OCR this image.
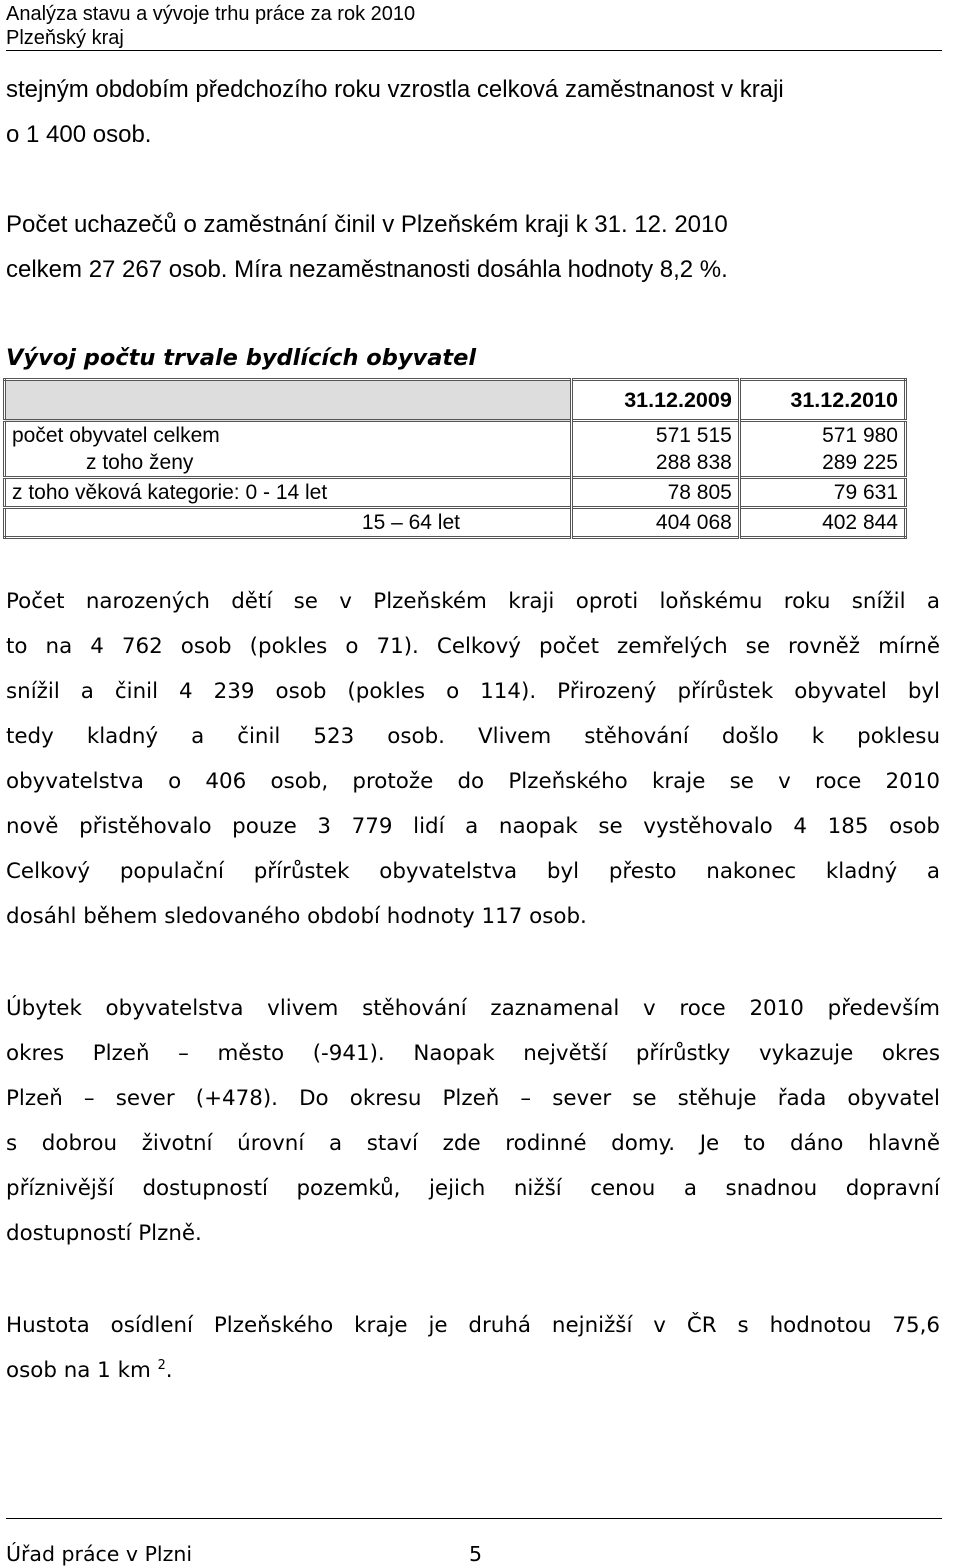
Analýza stavu a vývoje trhu práce za rok 2010
Plzeňský kraj
stejným obdobím předchozího roku vzrostla celková zaměstnanost v kraji
o 1 400 osob.
Počet uchazečů o zaměstnání činil v Plzeňském kraji k 31. 12. 2010
celkem 27 267 osob. Míra nezaměstnanosti dosáhla hodnoty 8,2 %.
Vývoj počtu trvale bydlících obyvatel
	31.12.2009	31.12.2010
počet obyvatel celkem	571 515	571 980
z toho ženy	288 838	289 225
z toho věková kategorie: 0 - 14 let	78 805	79 631
15 – 64 let	404 068	402 844
Počet narozených dětí se v Plzeňském kraji oproti loňskému roku snížil a
to na 4 762 osob (pokles o 71). Celkový počet zemřelých se rovněž mírně
snížil a činil 4 239 osob (pokles o 114). Přirozený přírůstek obyvatel byl
tedy kladný a činil 523 osob. Vlivem stěhování došlo k poklesu
obyvatelstva o 406 osob, protože do Plzeňského kraje se v roce 2010
nově přistěhovalo pouze 3 779 lidí a naopak se vystěhovalo 4 185 osob
Celkový populační přírůstek obyvatelstva byl přesto nakonec kladný a
dosáhl během sledovaného období hodnoty 117 osob.
Úbytek obyvatelstva vlivem stěhování zaznamenal v roce 2010 především
okres Plzeň – město (-941). Naopak největší přírůstky vykazuje okres
Plzeň – sever (+478). Do okresu Plzeň – sever se stěhuje řada obyvatel
s dobrou životní úrovní a staví zde rodinné domy. Je to dáno hlavně
příznivější dostupností pozemků, jejich nižší cenou a snadnou dopravní
dostupností Plzně.
Hustota osídlení Plzeňského kraje je druhá nejnižší v ČR s hodnotou 75,6
osob na 1 km $^2$.
Úřad práce v Plzni	5
